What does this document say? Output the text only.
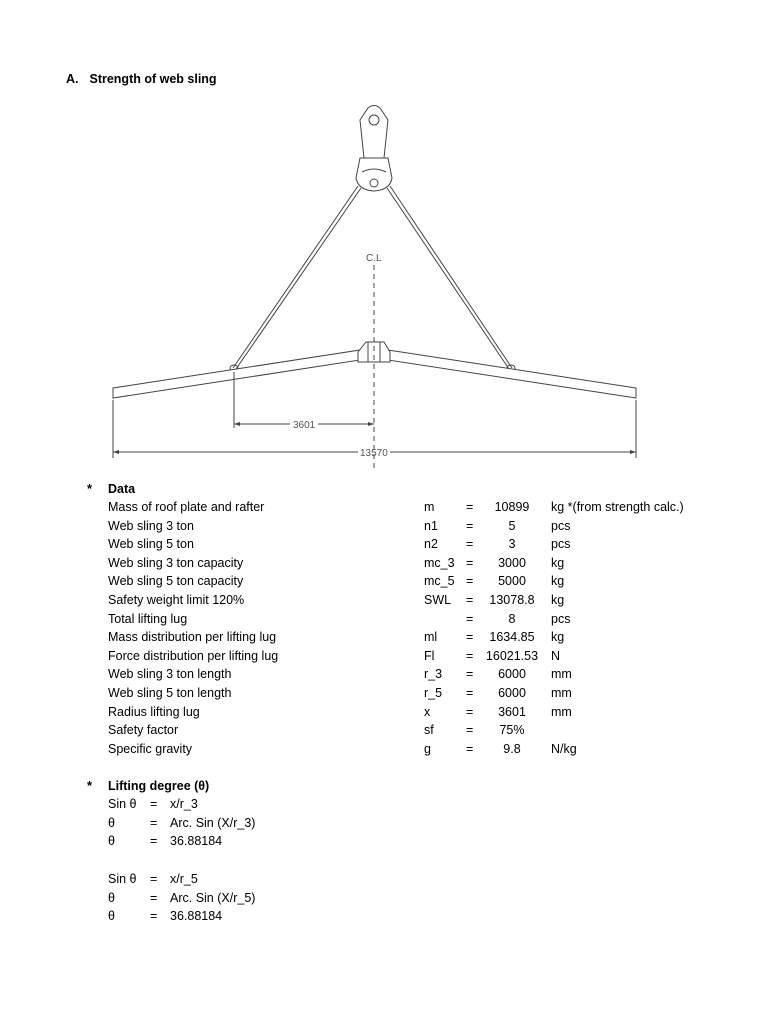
A. Strength of web sling
C.L
3601
13570
* Data
Mass of roof plate and rafter	m	=	10899	kg *(from strength calc.)
Web sling 3 ton	n1 =	5	pcs
Web sling 5 ton	n2 =	3	pcs
Web sling 3 ton capacity	mc_3 =	3000	kg
Web sling 5 ton capacity	mc_5 =	5000	kg
Safety weight limit 120%	SWL =	13078.8	kg
Total lifting lug	=	8	pcs
Mass distribution per lifting lug	ml =	1634.85	kg
Force distribution per lifting lug	Fl	=	16021.53	N
Web sling 3 ton length	r_3 =	6000	mm
Web sling 5 ton length	r_5 =	6000	mm
Radius lifting lug	x	=	3601	mm
Safety factor	sf	=	75%
Specific gravity	g	=	9.8	N/kg
* Lifting degree (θ)
Sin θ = x/r_3
θ	= Arc. Sin (X/r_3)
θ	= 36.88184
Sin θ = x/r_5
θ	= Arc. Sin (X/r_5)
θ	= 36.88184
